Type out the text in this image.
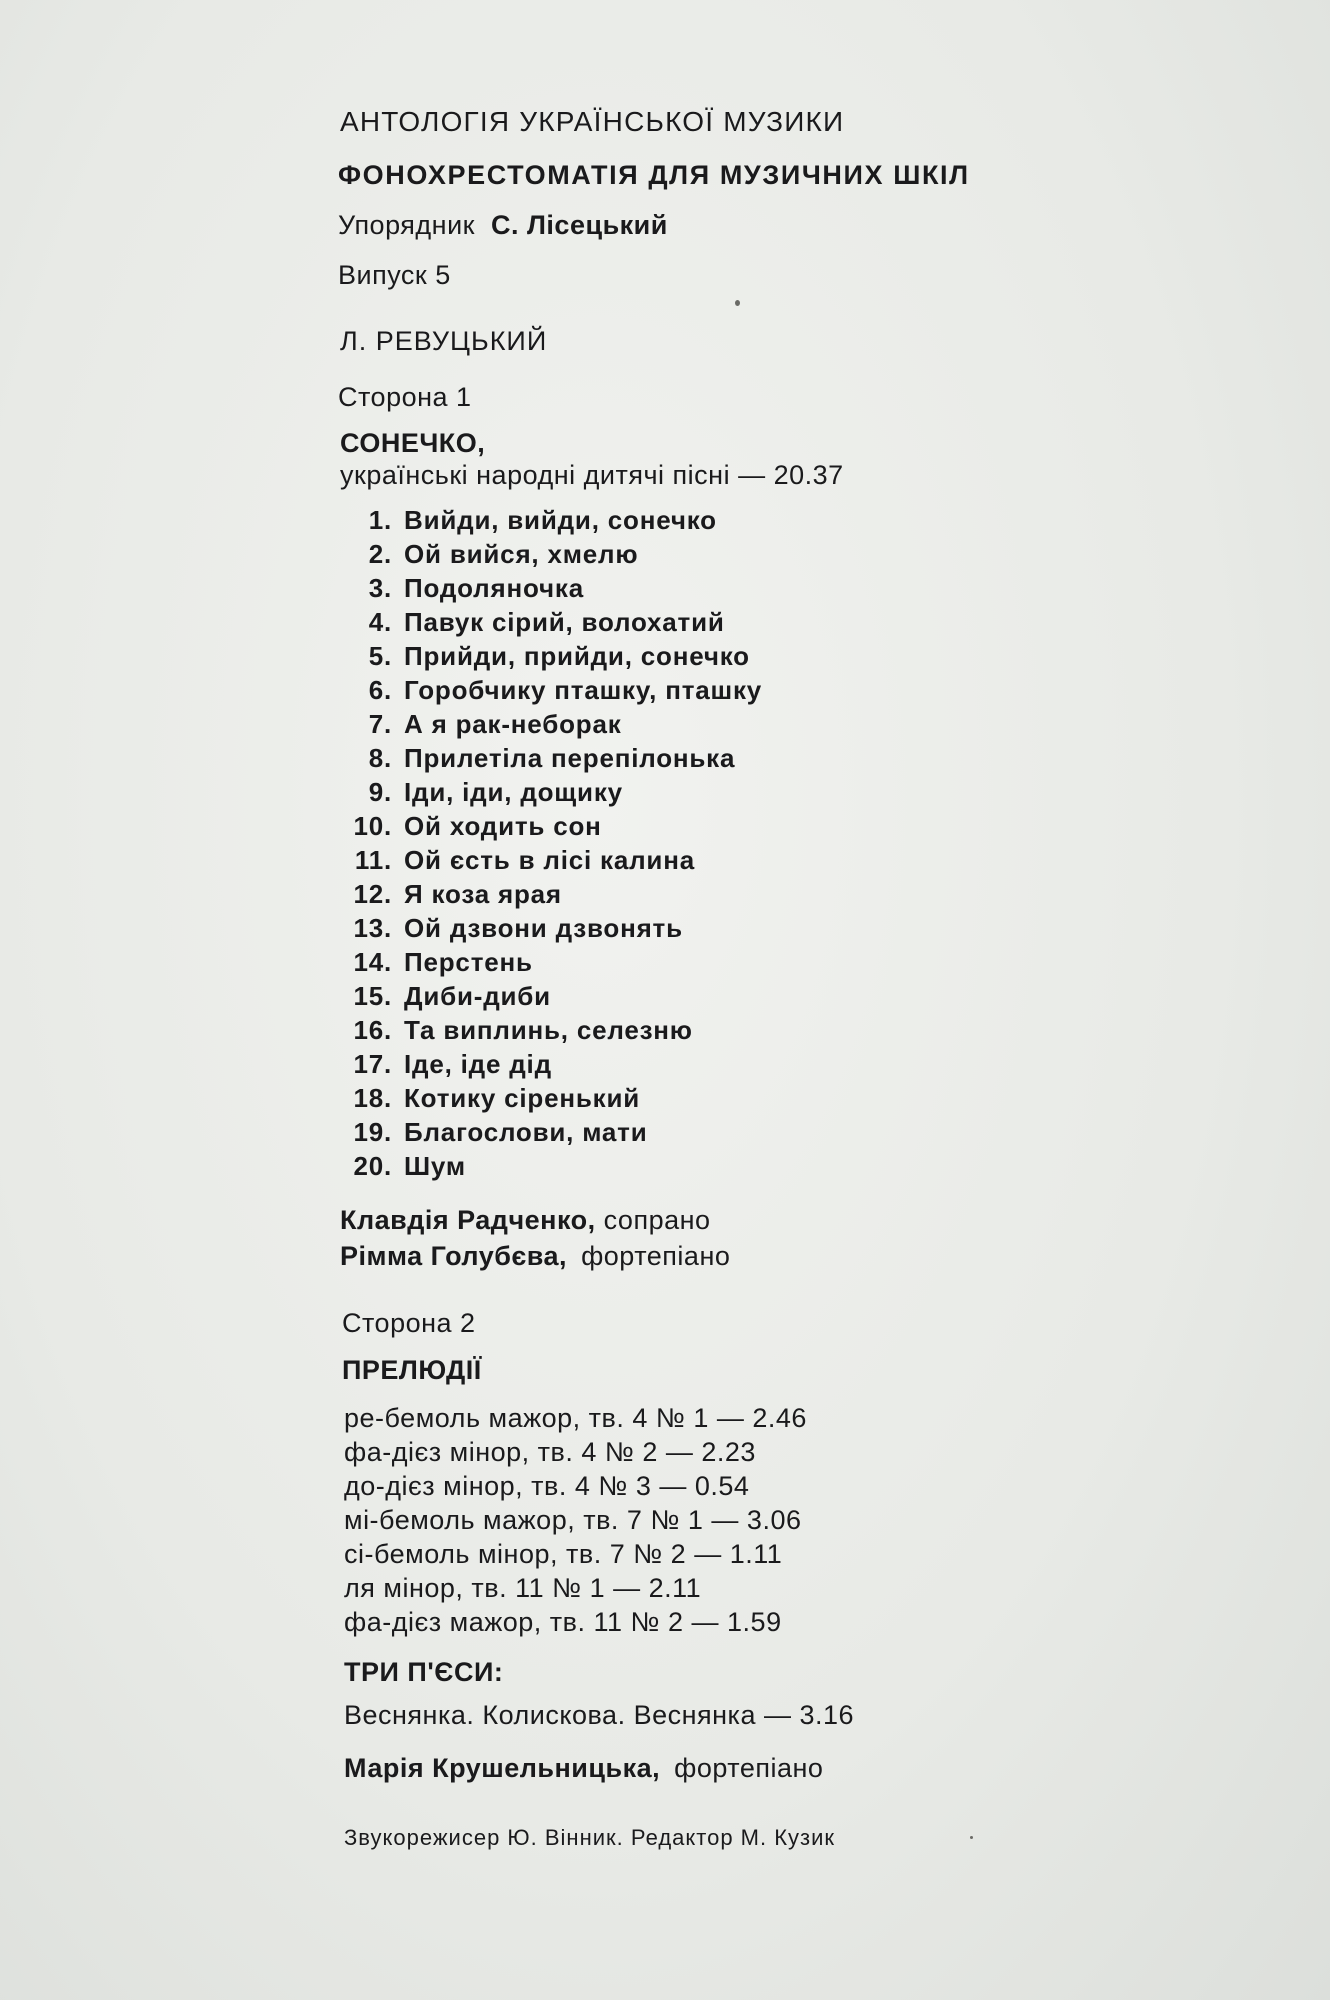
АНТОЛОГІЯ УКРАЇНСЬКОЇ МУЗИКИ
ФОНОХРЕСТОМАТІЯ ДЛЯ МУЗИЧНИХ ШКІЛ
Упорядник С. Лісецький
Випуск 5
Л. РЕВУЦЬКИЙ
Сторона 1
СОНЕЧКО,
українські народні дитячі пісні — 20.37
1. Вийди, вийди, сонечко
2. Ой вийся, хмелю
3. Подоляночка
4. Павук сірий, волохатий
5. Прийди, прийди, сонечко
6. Горобчику пташку, пташку
7. А я рак-неборак
8. Прилетіла перепілонька
9. Іди, іди, дощику
10. Ой ходить сон
11. Ой єсть в лісі калина
12. Я коза ярая
13. Ой дзвони дзвонять
14. Перстень
15. Диби-диби
16. Та виплинь, селезню
17. Іде, іде дід
18. Котику сіренький
19. Благослови, мати
20. Шум
Клавдія Радченко, сопрано
Рімма Голубєва, фортепіано
Сторона 2
ПРЕЛЮДІЇ
ре-бемоль мажор, тв. 4 № 1 — 2.46
фа-дієз мінор, тв. 4 № 2 — 2.23
до-дієз мінор, тв. 4 № 3 — 0.54
мі-бемоль мажор, тв. 7 № 1 — 3.06
сі-бемоль мінор, тв. 7 № 2 — 1.11
ля мінор, тв. 11 № 1 — 2.11
фа-дієз мажор, тв. 11 № 2 — 1.59
ТРИ П'ЄСИ:
Веснянка. Колискова. Веснянка — 3.16
Марія Крушельницька, фортепіано
Звукорежисер Ю. Вінник. Редактор М. Кузик
